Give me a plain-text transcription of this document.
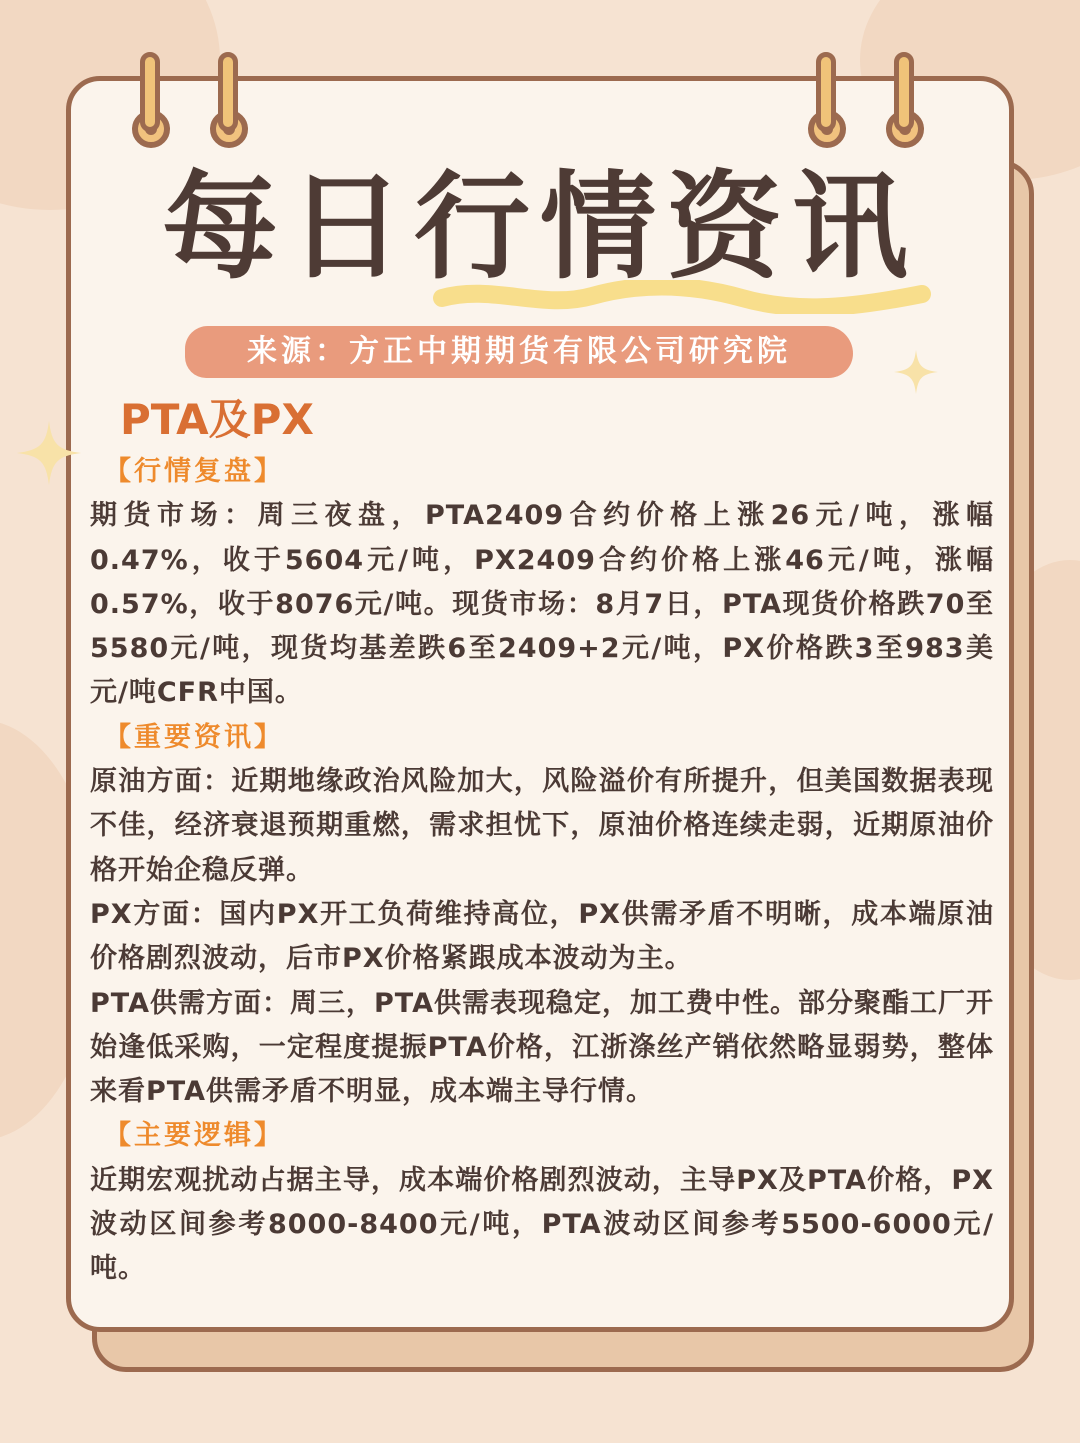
每日行情资讯
来源：方正中期期货有限公司研究院
PTA及PX

【行情复盘】

期货市场：周三夜盘，PTA2409合约价格上涨26元/吨，涨幅0.47%，收于5604元/吨，PX2409合约价格上涨46元/吨，涨幅0.57%，收于8076元/吨。现货市场：8月7日，PTA现货价格跌70至5580元/吨，现货均基差跌6至2409+2元/吨，PX价格跌3至983美元/吨CFR中国。

【重要资讯】

原油方面：近期地缘政治风险加大，风险溢价有所提升，但美国数据表现不佳，经济衰退预期重燃，需求担忧下，原油价格连续走弱，近期原油价格开始企稳反弹。

PX方面：国内PX开工负荷维持高位，PX供需矛盾不明晰，成本端原油价格剧烈波动，后市PX价格紧跟成本波动为主。

PTA供需方面：周三，PTA供需表现稳定，加工费中性。部分聚酯工厂开始逢低采购，一定程度提振PTA价格，江浙涤丝产销依然略显弱势，整体来看PTA供需矛盾不明显，成本端主导行情。

【主要逻辑】

近期宏观扰动占据主导，成本端价格剧烈波动，主导PX及PTA价格，PX波动区间参考8000-8400元/吨，PTA波动区间参考5500-6000元/吨。
